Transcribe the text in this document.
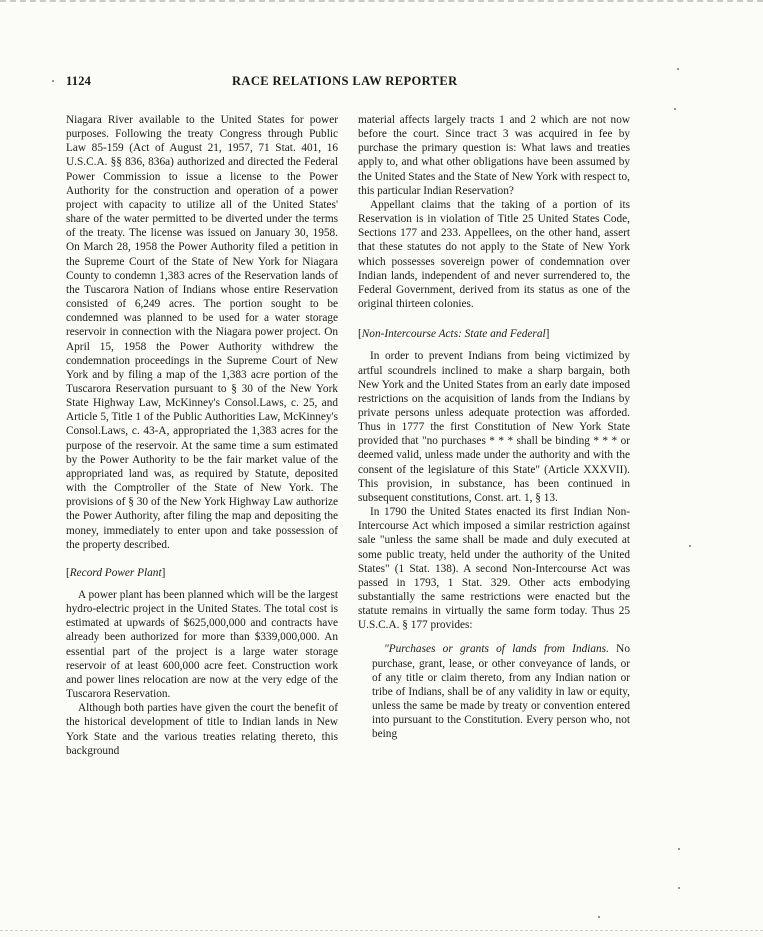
1124	RACE RELATIONS LAW REPORTER

Niagara River available to the United States for power purposes. Following the treaty Congress through Public Law 85-159 (Act of August 21, 1957, 71 Stat. 401, 16 U.S.C.A. §§ 836, 836a) authorized and directed the Federal Power Commission to issue a license to the Power Authority for the construction and operation of a power project with capacity to utilize all of the United States' share of the water permitted to be diverted under the terms of the treaty. The license was issued on January 30, 1958. On March 28, 1958 the Power Authority filed a petition in the Supreme Court of the State of New York for Niagara County to condemn 1,383 acres of the Reservation lands of the Tuscarora Nation of Indians whose entire Reservation consisted of 6,249 acres. The portion sought to be condemned was planned to be used for a water storage reservoir in connection with the Niagara power project. On April 15, 1958 the Power Authority withdrew the condemnation proceedings in the Supreme Court of New York and by filing a map of the 1,383 acre portion of the Tuscarora Reservation pursuant to § 30 of the New York State Highway Law, McKinney's Consol.Laws, c. 25, and Article 5, Title 1 of the Public Authorities Law, McKinney's Consol.Laws, c. 43-A, appropriated the 1,383 acres for the purpose of the reservoir. At the same time a sum estimated by the Power Authority to be the fair market value of the appropriated land was, as required by Statute, deposited with the Comptroller of the State of New York. The provisions of § 30 of the New York Highway Law authorize the Power Authority, after filing the map and depositing the money, immediately to enter upon and take possession of the property described.

[Record Power Plant]

A power plant has been planned which will be the largest hydro-electric project in the United States. The total cost is estimated at upwards of $625,000,000 and contracts have already been authorized for more than $339,000,000. An essential part of the project is a large water storage reservoir of at least 600,000 acre feet. Construction work and power lines relocation are now at the very edge of the Tuscarora Reservation.

Although both parties have given the court the benefit of the historical development of title to Indian lands in New York State and the various treaties relating thereto, this background

material affects largely tracts 1 and 2 which are not now before the court. Since tract 3 was acquired in fee by purchase the primary question is: What laws and treaties apply to, and what other obligations have been assumed by the United States and the State of New York with respect to, this particular Indian Reservation?

Appellant claims that the taking of a portion of its Reservation is in violation of Title 25 United States Code, Sections 177 and 233. Appellees, on the other hand, assert that these statutes do not apply to the State of New York which possesses sovereign power of condemnation over Indian lands, independent of and never surrendered to, the Federal Government, derived from its status as one of the original thirteen colonies.

[Non-Intercourse Acts: State and Federal]

In order to prevent Indians from being victimized by artful scoundrels inclined to make a sharp bargain, both New York and the United States from an early date imposed restrictions on the acquisition of lands from the Indians by private persons unless adequate protection was afforded. Thus in 1777 the first Constitution of New York State provided that "no purchases * * * shall be binding * * * or deemed valid, unless made under the authority and with the consent of the legislature of this State" (Article XXXVII). This provision, in substance, has been continued in subsequent constitutions, Const. art. 1, § 13.

In 1790 the United States enacted its first Indian Non-Intercourse Act which imposed a similar restriction against sale "unless the same shall be made and duly executed at some public treaty, held under the authority of the United States" (1 Stat. 138). A second Non-Intercourse Act was passed in 1793, 1 Stat. 329. Other acts embodying substantially the same restrictions were enacted but the statute remains in virtually the same form today. Thus 25 U.S.C.A. § 177 provides:

"Purchases or grants of lands from Indians. No purchase, grant, lease, or other conveyance of lands, or of any title or claim thereto, from any Indian nation or tribe of Indians, shall be of any validity in law or equity, unless the same be made by treaty or convention entered into pursuant to the Constitution. Every person who, not being
